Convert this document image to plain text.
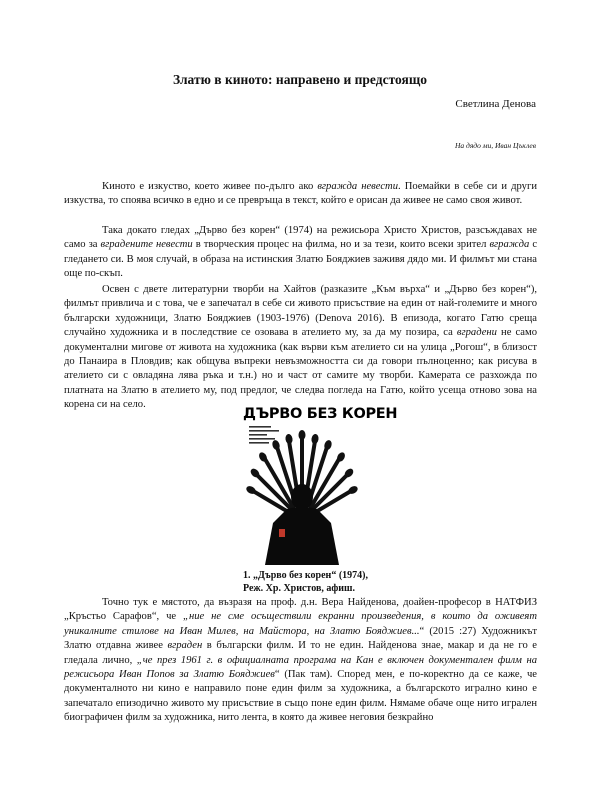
Златю в киното: направено и предстоящо
Светлина Денова
На дядо ми, Иван Цъклев

Киното е изкуство, което живее по-дълго ако вгражда невести. Поемайки в себе си и други изкуства, то споява всичко в едно и се превръща в текст, който е орисан да живее не само своя живот.

Така докато гледах „Дърво без корен“ (1974) на режисьора Христо Христов, разсъждавах не само за вградените невести в творческия процес на филма, но и за тези, които всеки зрител вгражда с гледането си. В моя случай, в образа на истинския Златю Бояджиев заживя дядо ми. И филмът ми стана още по-скъп.

Освен с двете литературни творби на Хайтов (разказите „Към върха“ и „Дърво без корен“), филмът привлича и с това, че е запечатал в себе си живото присъствие на един от най-големите и много български художници, Златю Бояджиев (1903-1976) (Denova 2016). В епизода, когато Гатю среща случайно художника и в последствие се озовава в ателието му, за да му позира, са вградени не само документални мигове от живота на художника (как върви към ателието си на улица „Рогош“, в близост до Панаира в Пловдив; как общува въпреки невъзможността си да говори пълноценно; как рисува в ателието си с овладяна лява ръка и т.н.) но и част от самите му творби. Камерата се разхожда по платната на Златю в ателието му, под предлог, че следва погледа на Гатю, който усеща отново зова на корена си на село.

ДЪРВО БЕЗ КОРЕН
1. „Дърво без корен“ (1974),
Реж. Хр. Христов, афиш.

Точно тук е мястото, да възразя на проф. д.н. Вера Найденова, доайен-професор в НАТФИЗ „Кръстьо Сарафов“, че „ние не сме осъществили екранни произведения, в които да оживеят уникалните стилове на Иван Милев, на Майстора, на Златю Бояджиев...“ (2015 :27) Художникът Златю отдавна живее вграден в български филм. И то не един. Найденова знае, макар и да не го е гледала лично, „че през 1961 г. в официалната програма на Кан е включен документален филм на режисьора Иван Попов за Златю Бояджиев“ (Пак там). Според мен, е по-коректно да се каже, че документалното ни кино е направило поне един филм за художника, а българското игрално кино е запечатало епизодично живото му присъствие в също поне един филм. Нямаме обаче още нито игрален биографичен филм за художника, нито лента, в която да живее неговия безкрайно
